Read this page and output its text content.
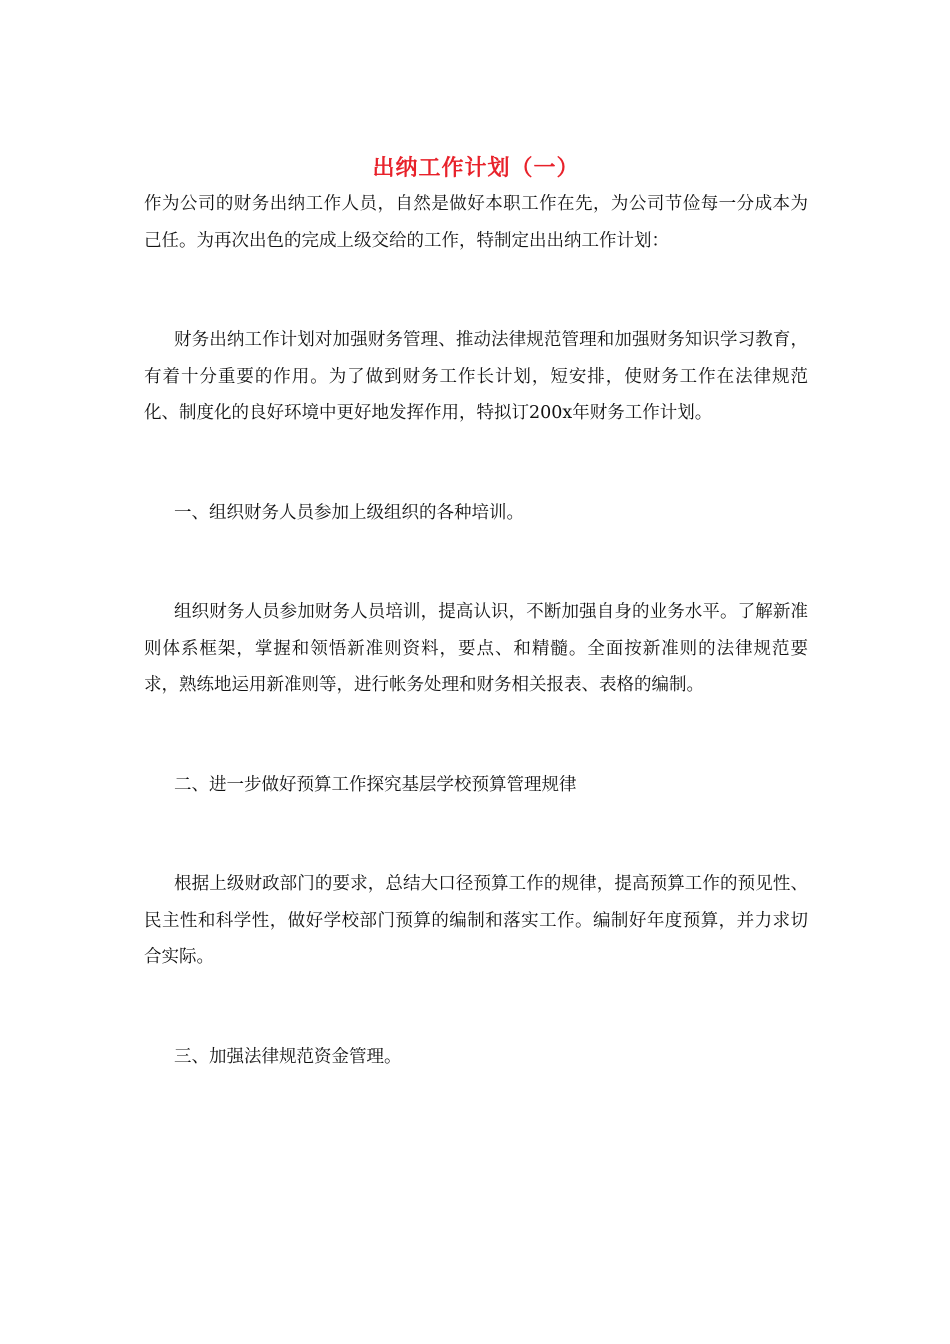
出纳工作计划（一）

作为公司的财务出纳工作人员，自然是做好本职工作在先，为公司节俭每一分成本为己任。为再次出色的完成上级交给的工作，特制定出出纳工作计划：

财务出纳工作计划对加强财务管理、推动法律规范管理和加强财务知识学习教育，有着十分重要的作用。为了做到财务工作长计划，短安排，使财务工作在法律规范化、制度化的良好环境中更好地发挥作用，特拟订200x年财务工作计划。

一、组织财务人员参加上级组织的各种培训。

组织财务人员参加财务人员培训，提高认识，不断加强自身的业务水平。了解新准则体系框架，掌握和领悟新准则资料，要点、和精髓。全面按新准则的法律规范要求，熟练地运用新准则等，进行帐务处理和财务相关报表、表格的编制。

二、进一步做好预算工作探究基层学校预算管理规律

根据上级财政部门的要求，总结大口径预算工作的规律，提高预算工作的预见性、民主性和科学性，做好学校部门预算的编制和落实工作。编制好年度预算，并力求切合实际。

三、加强法律规范资金管理。
